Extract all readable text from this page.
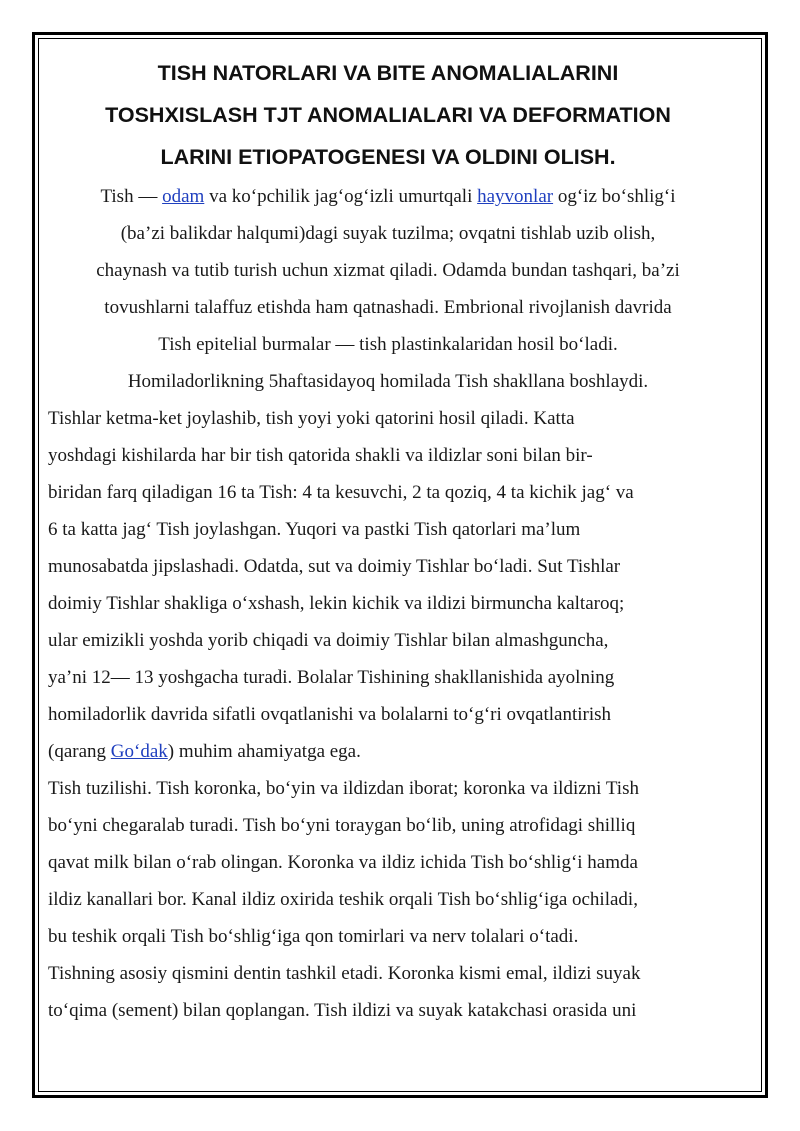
TISH NATORLARI VA BITE ANOMALIALARINI

TOSHXISLASH TJT ANOMALIALARI VA DEFORMATION

LARINI ETIOPATOGENESI VA OLDINI OLISH.

Tish — odam va koʻpchilik jagʻogʻizli umurtqali hayvonlar ogʻiz boʻshligʻi

(baʼzi balikdar halqumi)dagi suyak tuzilma; ovqatni tishlab uzib olish,

chaynash va tutib turish uchun xizmat qiladi. Odamda bundan tashqari, baʼzi

tovushlarni talaffuz etishda ham qatnashadi. Embrional rivojlanish davrida

Tish epitelial burmalar — tish plastinkalaridan hosil boʻladi.

Homiladorlikning 5haftasidayoq homilada Tish shakllana boshlaydi.

Tishlar ketma-ket joylashib, tish yoyi yoki qatorini hosil qiladi. Katta

yoshdagi kishilarda har bir tish qatorida shakli va ildizlar soni bilan bir-

biridan farq qiladigan 16 ta Tish: 4 ta kesuvchi, 2 ta qoziq, 4 ta kichik jagʻ va

6 ta katta jagʻ Tish joylashgan. Yuqori va pastki Tish qatorlari maʼlum

munosabatda jipslashadi. Odatda, sut va doimiy Tishlar boʻladi. Sut Tishlar

doimiy Tishlar shakliga oʻxshash, lekin kichik va ildizi birmuncha kaltaroq;

ular emizikli yoshda yorib chiqadi va doimiy Tishlar bilan almashguncha,

yaʼni 12— 13 yoshgacha turadi. Bolalar Tishining shakllanishida ayolning

homiladorlik davrida sifatli ovqatlanishi va bolalarni toʻgʻri ovqatlantirish

(qarang Goʻdak) muhim ahamiyatga ega.

Tish tuzilishi. Tish koronka, boʻyin va ildizdan iborat; koronka va ildizni Tish

boʻyni chegaralab turadi. Tish boʻyni toraygan boʻlib, uning atrofidagi shilliq

qavat milk bilan oʻrab olingan. Koronka va ildiz ichida Tish boʻshligʻi hamda

ildiz kanallari bor. Kanal ildiz oxirida teshik orqali Tish boʻshligʻiga ochiladi,

bu teshik orqali Tish boʻshligʻiga qon tomirlari va nerv tolalari oʻtadi.

Tishning asosiy qismini dentin tashkil etadi. Koronka kismi emal, ildizi suyak

toʻqima (sement) bilan qoplangan. Tish ildizi va suyak katakchasi orasida uni
